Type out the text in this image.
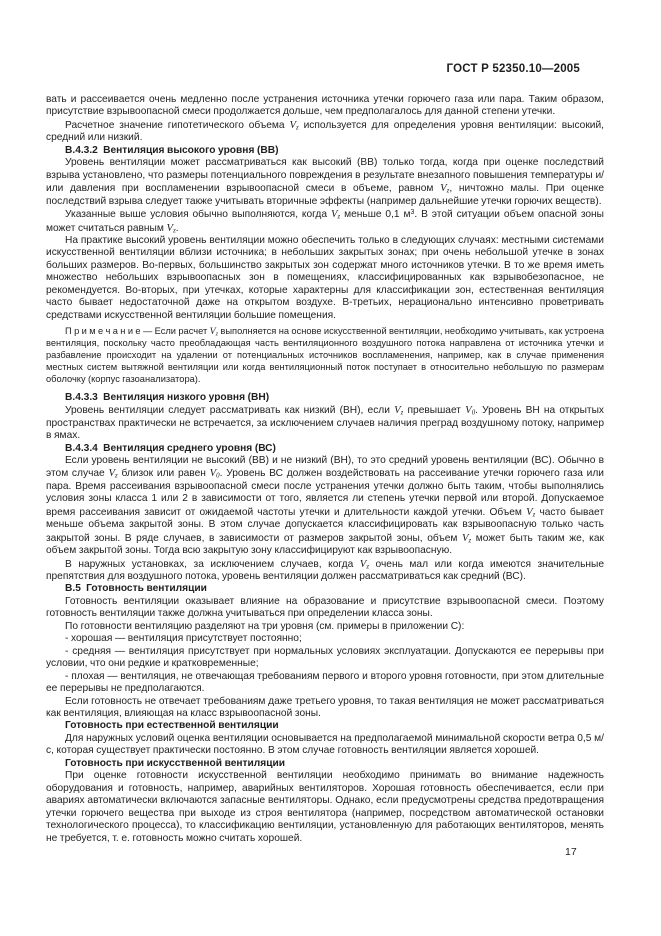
ГОСТ Р 52350.10—2005

вать и рассеивается очень медленно после устранения источника утечки горючего газа или пара. Таким образом, присутствие взрывоопасной смеси продолжается дольше, чем предполагалось для данной степени утечки.

Расчетное значение гипотетического объема $V_z$ используется для определения уровня вентиляции: высокий, средний или низкий.

В.4.3.2  Вентиляция высокого уровня (ВВ)

Уровень вентиляции может рассматриваться как высокий (ВВ) только тогда, когда при оценке последствий взрыва установлено, что размеры потенциального повреждения в результате внезапного повышения температуры и/или давления при воспламенении взрывоопасной смеси в объеме, равном $V_z$, ничтожно малы. При оценке последствий взрыва следует также учитывать вторичные эффекты (например дальнейшие утечки горючих веществ).

Указанные выше условия обычно выполняются, когда $V_z$ меньше 0,1 $м^3$. В этой ситуации объем опасной зоны может считаться равным $V_z$.

На практике высокий уровень вентиляции можно обеспечить только в следующих случаях: местными системами искусственной вентиляции вблизи источника; в небольших закрытых зонах; при очень небольшой утечке в зонах больших размеров. Во-первых, большинство закрытых зон содержат много источников утечки. В то же время иметь множество небольших взрывоопасных зон в помещениях, классифицированных как взрывобезопасное, не рекомендуется. Во-вторых, при утечках, которые характерны для классификации зон, естественная вентиляция часто бывает недостаточной даже на открытом воздухе. В-третьих, нерационально интенсивно проветривать средствами искусственной вентиляции большие помещения.

П р и м е ч а н и е — Если расчет $V_z$ выполняется на основе искусственной вентиляции, необходимо учитывать, как устроена вентиляция, поскольку часто преобладающая часть вентиляционного воздушного потока направлена от источника утечки и разбавление происходит на удалении от потенциальных источников воспламенения, например, как в случае применения местных систем вытяжной вентиляции или когда вентиляционный поток поступает в относительно небольшую по размерам оболочку (корпус газоанализатора).

В.4.3.3  Вентиляция низкого уровня (ВН)

Уровень вентиляции следует рассматривать как низкий (ВН), если $V_z$ превышает $V_0$. Уровень ВН на открытых пространствах практически не встречается, за исключением случаев наличия преград воздушному потоку, например в ямах.

В.4.3.4  Вентиляция среднего уровня (ВС)

Если уровень вентиляции не высокий (ВВ) и не низкий (ВН), то это средний уровень вентиляции (ВС). Обычно в этом случае $V_z$ близок или равен $V_0$. Уровень ВС должен воздействовать на рассеивание утечки горючего газа или пара. Время рассеивания взрывоопасной смеси после устранения утечки должно быть таким, чтобы выполнялись условия зоны класса 1 или 2 в зависимости от того, является ли степень утечки первой или второй. Допускаемое время рассеивания зависит от ожидаемой частоты утечки и длительности каждой утечки. Объем $V_z$ часто бывает меньше объема закрытой зоны. В этом случае допускается классифицировать как взрывоопасную только часть закрытой зоны. В ряде случаев, в зависимости от размеров закрытой зоны, объем $V_z$ может быть таким же, как объем закрытой зоны. Тогда всю закрытую зону классифицируют как взрывоопасную.

В наружных установках, за исключением случаев, когда $V_z$ очень мал или когда имеются значительные препятствия для воздушного потока, уровень вентиляции должен рассматриваться как средний (ВС).

В.5  Готовность вентиляции

Готовность вентиляции оказывает влияние на образование и присутствие взрывоопасной смеси. Поэтому готовность вентиляции также должна учитываться при определении класса зоны.

По готовности вентиляцию разделяют на три уровня (см. примеры в приложении С):

- хорошая — вентиляция присутствует постоянно;

- средняя — вентиляция присутствует при нормальных условиях эксплуатации. Допускаются ее перерывы при условии, что они редкие и кратковременные;

- плохая — вентиляция, не отвечающая требованиям первого и второго уровня готовности, при этом длительные ее перерывы не предполагаются.

Если готовность не отвечает требованиям даже третьего уровня, то такая вентиляция не может рассматриваться как вентиляция, влияющая на класс взрывоопасной зоны.

Готовность при естественной вентиляции

Для наружных условий оценка вентиляции основывается на предполагаемой минимальной скорости ветра 0,5 м/с, которая существует практически постоянно. В этом случае готовность вентиляции является хорошей.

Готовность при искусственной вентиляции

При оценке готовности искусственной вентиляции необходимо принимать во внимание надежность оборудования и готовность, например, аварийных вентиляторов. Хорошая готовность обеспечивается, если при авариях автоматически включаются запасные вентиляторы. Однако, если предусмотрены средства предотвращения утечки горючего вещества при выходе из строя вентилятора (например, посредством автоматической остановки технологического процесса), то классификацию вентиляции, установленную для работающих вентиляторов, менять не требуется, т. е. готовность можно считать хорошей.

17
